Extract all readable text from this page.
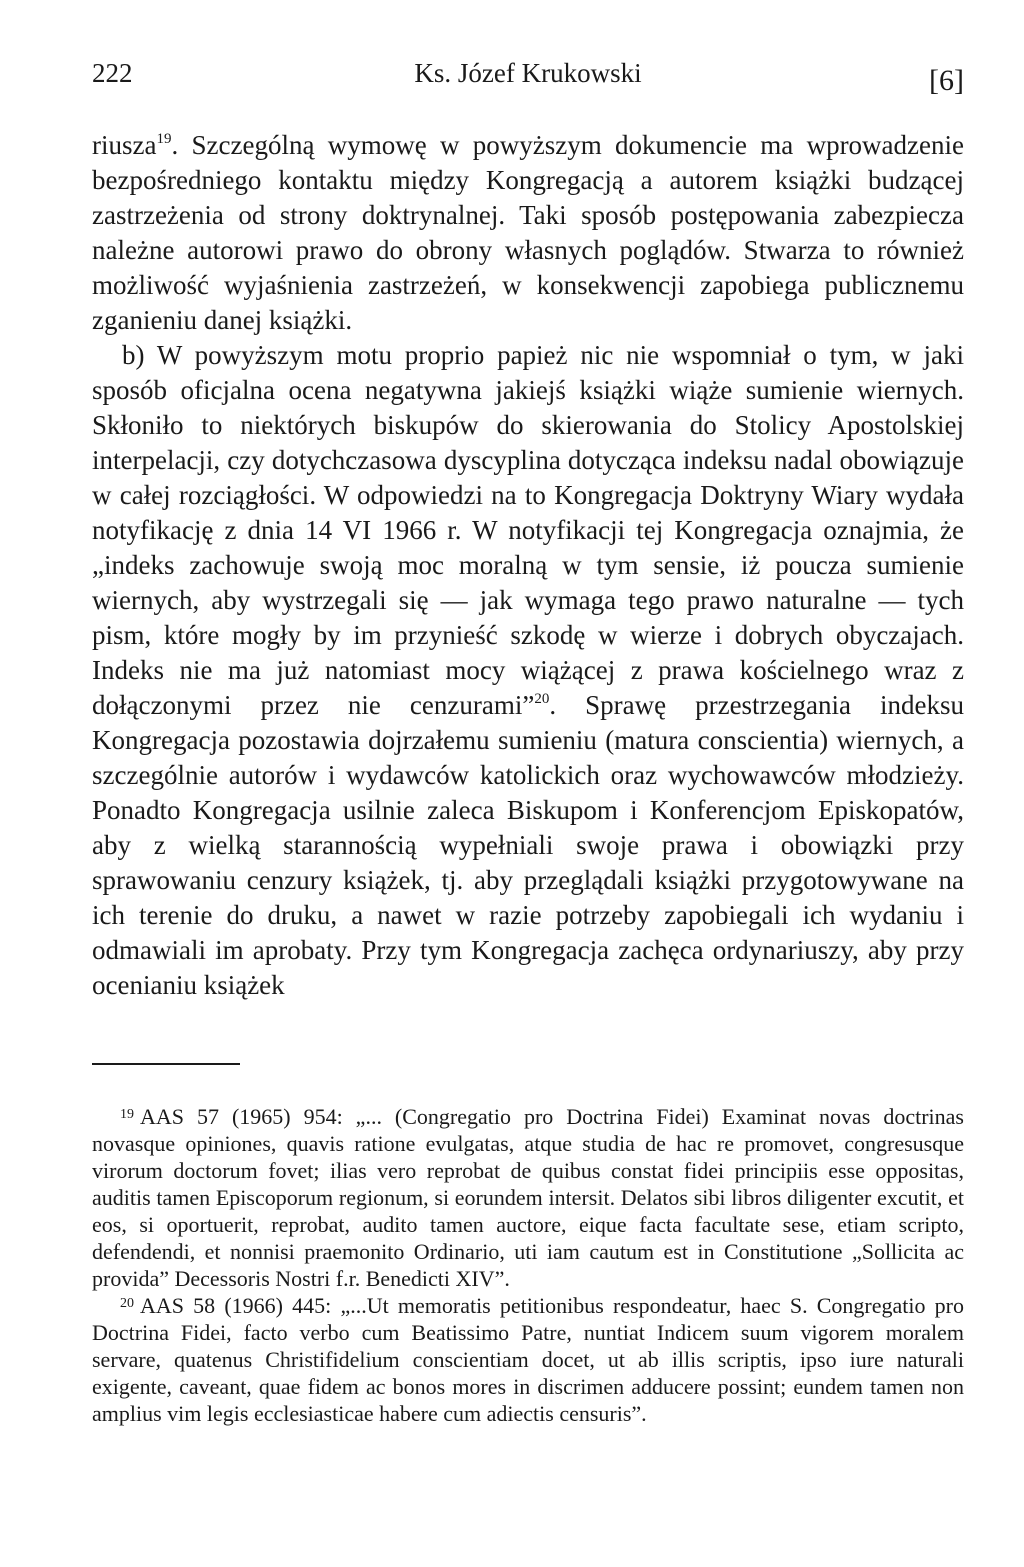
222	Ks. Józef Krukowski	[6]

riusza$^{19}$. Szczególną wymowę w powyższym dokumencie ma wprowadzenie bezpośredniego kontaktu między Kongregacją a autorem książki budzącej zastrzeżenia od strony doktrynalnej. Taki sposób postępowania zabezpiecza należne autorowi prawo do obrony własnych poglądów. Stwarza to również możliwość wyjaśnienia zastrzeżeń, w konsekwencji zapobiega publicznemu zganieniu danej książki.

b) W powyższym motu proprio papież nic nie wspomniał o tym, w jaki sposób oficjalna ocena negatywna jakiejś książki wiąże sumienie wiernych. Skłoniło to niektórych biskupów do skierowania do Stolicy Apostolskiej interpelacji, czy dotychczasowa dyscyplina dotycząca indeksu nadal obowiązuje w całej rozciągłości. W odpowiedzi na to Kongregacja Doktryny Wiary wydała notyfikację z dnia 14 VI 1966 r. W notyfikacji tej Kongregacja oznajmia, że „indeks zachowuje swoją moc moralną w tym sensie, iż poucza sumienie wiernych, aby wystrzegali się — jak wymaga tego prawo naturalne — tych pism, które mogły by im przynieść szkodę w wierze i dobrych obyczajach. Indeks nie ma już natomiast mocy wiążącej z prawa kościelnego wraz z dołączonymi przez nie cenzurami”$^{20}$. Sprawę przestrzegania indeksu Kongregacja pozostawia dojrzałemu sumieniu (matura conscientia) wiernych, a szczególnie autorów i wydawców katolickich oraz wychowawców młodzieży. Ponadto Kongregacja usilnie zaleca Biskupom i Konferencjom Episkopatów, aby z wielką starannością wypełniali swoje prawa i obowiązki przy sprawowaniu cenzury książek, tj. aby przeglądali książki przygotowywane na ich terenie do druku, a nawet w razie potrzeby zapobiegali ich wydaniu i odmawiali im aprobaty. Przy tym Kongregacja zachęca ordynariuszy, aby przy ocenianiu książek

$^{19}$ AAS 57 (1965) 954: „... (Congregatio pro Doctrina Fidei) Examinat novas doctrinas novasque opiniones, quavis ratione evulgatas, atque studia de hac re promovet, congresusque virorum doctorum fovet; ilias vero reprobat de quibus constat fidei principiis esse oppositas, auditis tamen Episcoporum regionum, si eorundem intersit. Delatos sibi libros diligenter excutit, et eos, si oportuerit, reprobat, audito tamen auctore, eique facta facultate sese, etiam scripto, defendendi, et nonnisi praemonito Ordinario, uti iam cautum est in Constitutione „Sollicita ac provida” Decessoris Nostri f.r. Benedicti XIV”.

$^{20}$ AAS 58 (1966) 445: „...Ut memoratis petitionibus respondeatur, haec S. Congregatio pro Doctrina Fidei, facto verbo cum Beatissimo Patre, nuntiat Indicem suum vigorem moralem servare, quatenus Christifidelium conscientiam docet, ut ab illis scriptis, ipso iure naturali exigente, caveant, quae fidem ac bonos mores in discrimen adducere possint; eundem tamen non amplius vim legis ecclesiasticae habere cum adiectis censuris”.
